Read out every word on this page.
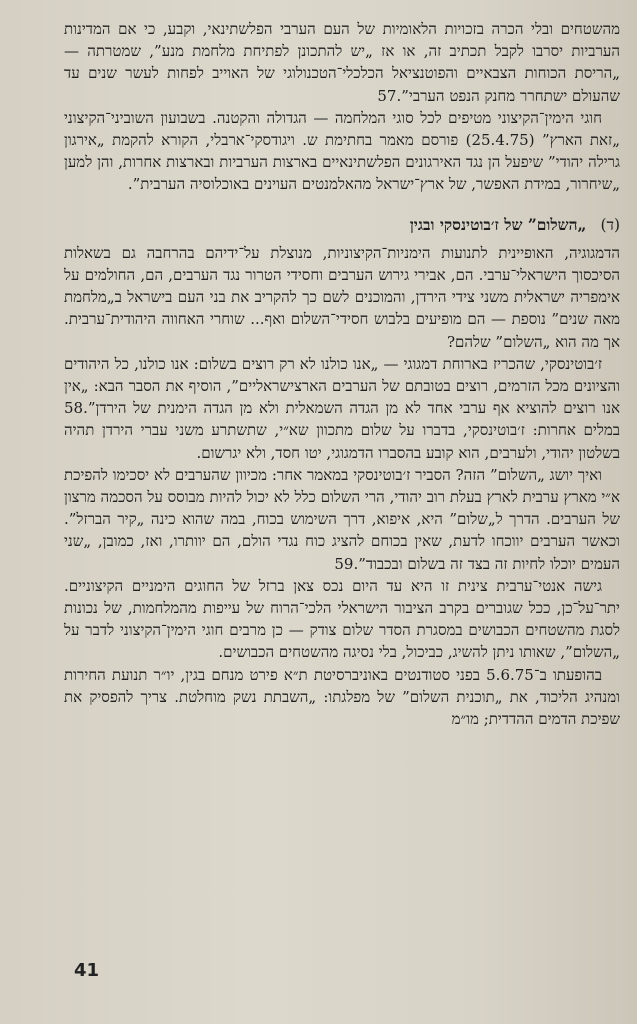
מהשטחים ובלי הכרה בזכויות הלאומיות של העם הערבי הפלשתינאי, וקבע, כי אם המדינות הערביות יסרבו לקבל תכתיב זה, או אז „יש להתכונן לפתיחת מלחמת מנע”, שמטרתה — „הריסת הכוחות הצבאיים והפוטנציאל הכלכלי־הטכנולוגי של האוייב לפחות לעשר שנים עד שהעולם ישתחרר מחנק הנפט הערבי”.57

חוגי הימין־הקיצוני מטיפים לכל סוגי המלחמה — הגדולה והקטנה. בשבועון השוביני־הקיצוני „זאת הארץ” (25.4.75) פורסם מאמר בחתימת ש. ויגודסקי־ארבלי, הקורא להקמת „אירגון גרילה יהודי” שיפעל הן נגד האירגונים הפלשתינאיים בארצות הערביות ובארצות אחרות, והן למען „שיחרור, במידת האפשר, של ארץ־ישראל מהאלמנטים העוינים באוכלוסיה הערבית”.

(ד)
„השלום” של ז׳בוטינסקי ובגין

הדמגוגיה, האופיינית לתנועות הימניות־הקיצוניות, מנוצלת על־ידיהם בהרחבה גם בשאלות הסיכסוך הישראלי־ערבי. הם, אבירי גירוש הערבים וחסידי הטרור נגד הערבים, הם, החולמים על אימפריה ישראלית משני צידי הירדן, והמוכנים לשם כך להקריב את בני העם בישראל ב„מלחמת מאה שנים” נוספת — הם מופיעים בלבוש חסידי־השלום ואף... שוחרי האחווה היהודית־ערבית. אך מה הוא „השלום” שלהם?

ז׳בוטינסקי, שהכריז בארוחת דמגוגי — „אנו כולנו לא רק רוצים בשלום: אנו כולנו, כל היהודים והציונים מכל הזרמים, רוצים בטובתם של הערבים הארצישראליים”, הוסיף את הסבר הבא: „אין אנו רוצים להוציא אף ערבי אחד לא מן הגדה השמאלית ולא מן הגדה הימנית של הירדן”.58 במלים אחרות: ז׳בוטינסקי, בדברו על שלום מתכוון שא״י, שתשתרע משני עברי הירדן תהיה בשלטון יהודי, ולערבים, הוא קובע בהסברו הדמגוגי, יטו חסד, ולא יגרשום.

ואיך יושג „השלום” הזה? הסביר ז׳בוטינסקי במאמר אחר: מכיוון שהערבים לא יסכימו להפיכת א״י מארץ ערבית לארץ בעלת רוב יהודי, הרי השלום כלל לא יכול להיות מבוסס על הסכמה מרצון של הערבים. הדרך ל„שלום” היא, איפוא, דרך השימוש בכוח, במה שהוא כינה „קיר הברזל”. וכאשר הערבים יווכחו לדעת, שאין בכוחם להציג כוח נגדי הולם, הם יוותרו, ואז, כמובן, „שני העמים יוכלו לחיות זה בצד זה בשלום ובכבוד”.59

גישה אנטי־ערבית צינית זו היא עד היום נכס צאן ברזל של החוגים הימניים הקיצוניים. יתר־על־כן, ככל שגוברים בקרב הציבור הישראלי הלכי־הרוח של עייפות מהמלחמות, של נכונות לסגת מהשטחים הכבושים במסגרת הסדר שלום צודק — כן מרבים חוגי הימין־הקיצוני לדבר על „השלום”, שאותו ניתן להשיג, כביכול, בלי נסיגה מהשטחים הכבושים.

בהופעתו ב־5.6.75 בפני סטודנטים באוניברסיטת ת״א פירט מנחם בגין, יו״ר תנועת החירות ומנהיג הליכוד, את „תוכנית השלום” של מפלגתו: „השבתת נשק מוחלטת. צריך להפסיק את שפיכת הדמים ההדדית; מו״מ

41
